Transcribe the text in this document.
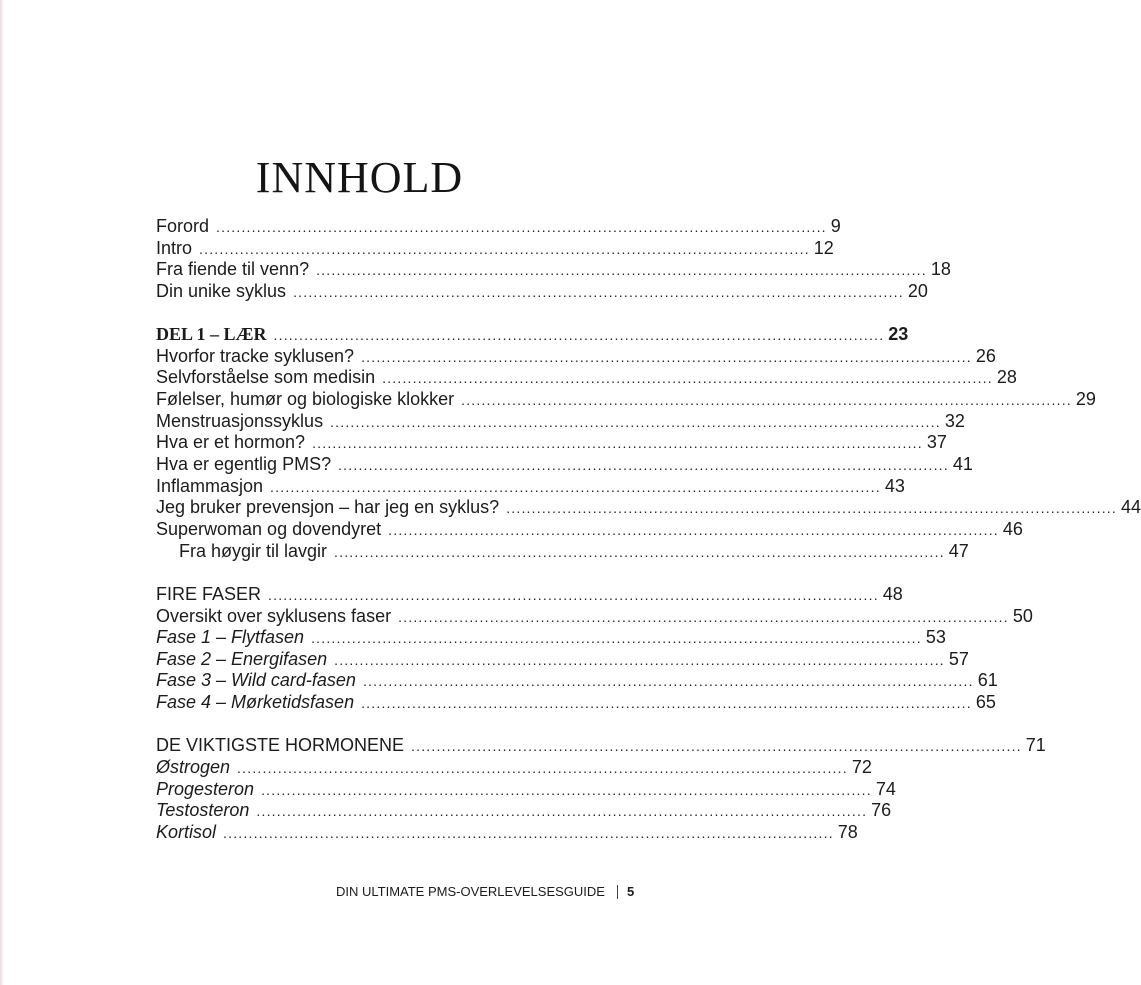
INNHOLD
Forord ........................................................................................................................ 9
Intro ........................................................................................................................ 12
Fra fiende til venn? ........................................................................................................................ 18
Din unike syklus ........................................................................................................................ 20
DEL 1 – LÆR ........................................................................................................................ 23
Hvorfor tracke syklusen? ........................................................................................................................ 26
Selvforståelse som medisin ........................................................................................................................ 28
Følelser, humør og biologiske klokker ........................................................................................................................ 29
Menstruasjonssyklus ........................................................................................................................ 32
Hva er et hormon? ........................................................................................................................ 37
Hva er egentlig PMS? ........................................................................................................................ 41
Inflammasjon ........................................................................................................................ 43
Jeg bruker prevensjon – har jeg en syklus? ........................................................................................................................ 44
Superwoman og dovendyret ........................................................................................................................ 46
Fra høygir til lavgir ........................................................................................................................ 47
FIRE FASER ........................................................................................................................ 48
Oversikt over syklusens faser ........................................................................................................................ 50
Fase 1 – Flytfasen ........................................................................................................................ 53
Fase 2 – Energifasen ........................................................................................................................ 57
Fase 3 – Wild card-fasen ........................................................................................................................ 61
Fase 4 – Mørketidsfasen ........................................................................................................................ 65
DE VIKTIGSTE HORMONENE ........................................................................................................................ 71
Østrogen ........................................................................................................................ 72
Progesteron ........................................................................................................................ 74
Testosteron ........................................................................................................................ 76
Kortisol ........................................................................................................................ 78
DIN ULTIMATE PMS-OVERLEVELSESGUIDE 5
